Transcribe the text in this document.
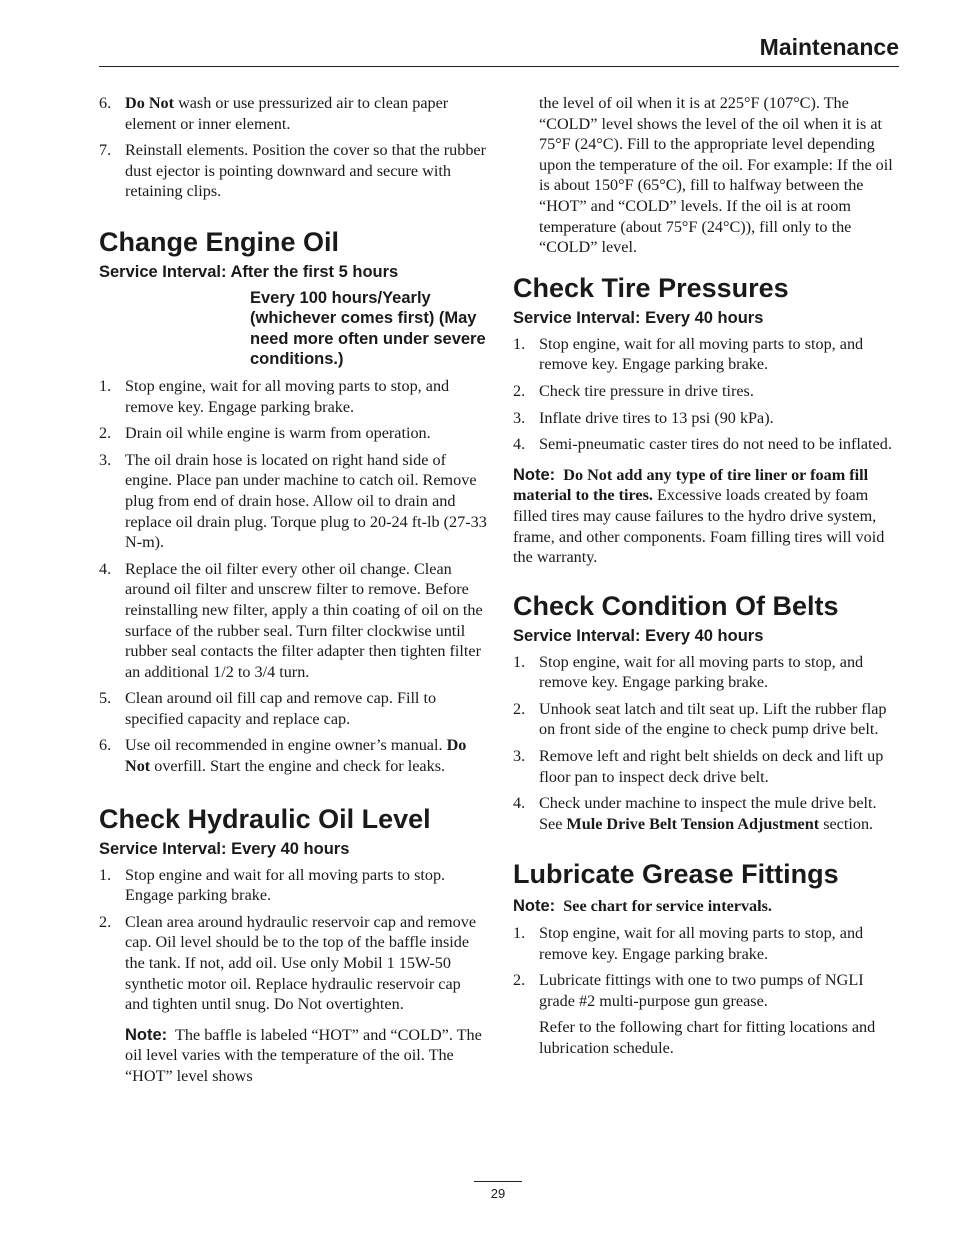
Maintenance
6. Do Not wash or use pressurized air to clean paper element or inner element.
7. Reinstall elements. Position the cover so that the rubber dust ejector is pointing downward and secure with retaining clips.
Change Engine Oil
Service Interval: After the first 5 hours
Every 100 hours/Yearly (whichever comes first) (May need more often under severe conditions.)
1. Stop engine, wait for all moving parts to stop, and remove key. Engage parking brake.
2. Drain oil while engine is warm from operation.
3. The oil drain hose is located on right hand side of engine. Place pan under machine to catch oil. Remove plug from end of drain hose. Allow oil to drain and replace oil drain plug. Torque plug to 20-24 ft-lb (27-33 N-m).
4. Replace the oil filter every other oil change. Clean around oil filter and unscrew filter to remove. Before reinstalling new filter, apply a thin coating of oil on the surface of the rubber seal. Turn filter clockwise until rubber seal contacts the filter adapter then tighten filter an additional 1/2 to 3/4 turn.
5. Clean around oil fill cap and remove cap. Fill to specified capacity and replace cap.
6. Use oil recommended in engine owner’s manual. Do Not overfill. Start the engine and check for leaks.
Check Hydraulic Oil Level
Service Interval: Every 40 hours
1. Stop engine and wait for all moving parts to stop. Engage parking brake.
2. Clean area around hydraulic reservoir cap and remove cap. Oil level should be to the top of the baffle inside the tank. If not, add oil. Use only Mobil 1 15W-50 synthetic motor oil. Replace hydraulic reservoir cap and tighten until snug. Do Not overtighten.
Note: The baffle is labeled “HOT” and “COLD”. The oil level varies with the temperature of the oil. The “HOT” level shows
the level of oil when it is at 225°F (107°C). The “COLD” level shows the level of the oil when it is at 75°F (24°C). Fill to the appropriate level depending upon the temperature of the oil. For example: If the oil is about 150°F (65°C), fill to halfway between the “HOT” and “COLD” levels. If the oil is at room temperature (about 75°F (24°C)), fill only to the “COLD” level.
Check Tire Pressures
Service Interval: Every 40 hours
1. Stop engine, wait for all moving parts to stop, and remove key. Engage parking brake.
2. Check tire pressure in drive tires.
3. Inflate drive tires to 13 psi (90 kPa).
4. Semi-pneumatic caster tires do not need to be inflated.
Note: Do Not add any type of tire liner or foam fill material to the tires. Excessive loads created by foam filled tires may cause failures to the hydro drive system, frame, and other components. Foam filling tires will void the warranty.
Check Condition Of Belts
Service Interval: Every 40 hours
1. Stop engine, wait for all moving parts to stop, and remove key. Engage parking brake.
2. Unhook seat latch and tilt seat up. Lift the rubber flap on front side of the engine to check pump drive belt.
3. Remove left and right belt shields on deck and lift up floor pan to inspect deck drive belt.
4. Check under machine to inspect the mule drive belt. See Mule Drive Belt Tension Adjustment section.
Lubricate Grease Fittings
Note: See chart for service intervals.
1. Stop engine, wait for all moving parts to stop, and remove key. Engage parking brake.
2. Lubricate fittings with one to two pumps of NGLI grade #2 multi-purpose gun grease.
Refer to the following chart for fitting locations and lubrication schedule.
29
